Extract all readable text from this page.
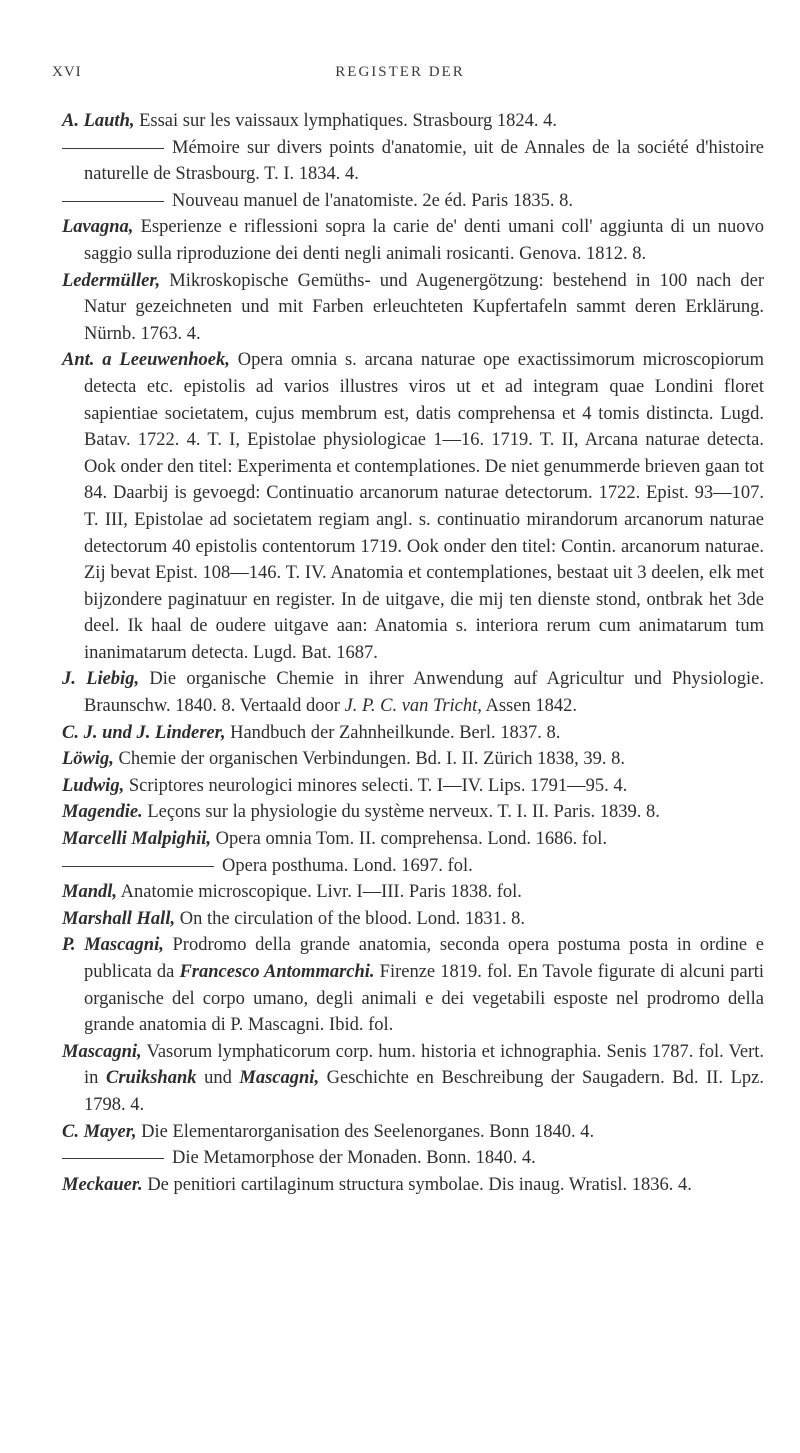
XVI	REGISTER DER

A. Lauth, Essai sur les vaissaux lymphatiques. Strasbourg 1824. 4.

Mémoire sur divers points d'anatomie, uit de Annales de la société d'histoire naturelle de Strasbourg. T. I. 1834. 4.

Nouveau manuel de l'anatomiste. 2e éd. Paris 1835. 8.

Lavagna, Esperienze e riflessioni sopra la carie de' denti umani coll' aggiunta di un nuovo saggio sulla riproduzione dei denti negli animali rosicanti. Genova. 1812. 8.

Ledermüller, Mikroskopische Gemüths- und Augenergötzung: bestehend in 100 nach der Natur gezeichneten und mit Farben erleuchteten Kupfertafeln sammt deren Erklärung. Nürnb. 1763. 4.

Ant. a Leeuwenhoek, Opera omnia s. arcana naturae ope exactissimorum microscopiorum detecta etc. epistolis ad varios illustres viros ut et ad integram quae Londini floret sapientiae societatem, cujus membrum est, datis comprehensa et 4 tomis distincta. Lugd. Batav. 1722. 4. T. I, Epistolae physiologicae 1—16. 1719. T. II, Arcana naturae detecta. Ook onder den titel: Experimenta et contemplationes. De niet genummerde brieven gaan tot 84. Daarbij is gevoegd: Continuatio arcanorum naturae detectorum. 1722. Epist. 93—107. T. III, Epistolae ad societatem regiam angl. s. continuatio mirandorum arcanorum naturae detectorum 40 epistolis contentorum 1719. Ook onder den titel: Contin. arcanorum naturae. Zij bevat Epist. 108—146. T. IV. Anatomia et contemplationes, bestaat uit 3 deelen, elk met bijzondere paginatuur en register. In de uitgave, die mij ten dienste stond, ontbrak het 3de deel. Ik haal de oudere uitgave aan: Anatomia s. interiora rerum cum animatarum tum inanimatarum detecta. Lugd. Bat. 1687.

J. Liebig, Die organische Chemie in ihrer Anwendung auf Agricultur und Physiologie. Braunschw. 1840. 8. Vertaald door J. P. C. van Tricht, Assen 1842.

C. J. und J. Linderer, Handbuch der Zahnheilkunde. Berl. 1837. 8.

Löwig, Chemie der organischen Verbindungen. Bd. I. II. Zürich 1838, 39. 8.

Ludwig, Scriptores neurologici minores selecti. T. I—IV. Lips. 1791—95. 4.

Magendie. Leçons sur la physiologie du système nerveux. T. I. II. Paris. 1839. 8.

Marcelli Malpighii, Opera omnia Tom. II. comprehensa. Lond. 1686. fol.

Opera posthuma. Lond. 1697. fol.

Mandl, Anatomie microscopique. Livr. I—III. Paris 1838. fol.

Marshall Hall, On the circulation of the blood. Lond. 1831. 8.

P. Mascagni, Prodromo della grande anatomia, seconda opera postuma posta in ordine e publicata da Francesco Antommarchi. Firenze 1819. fol. En Tavole figurate di alcuni parti organische del corpo umano, degli animali e dei vegetabili esposte nel prodromo della grande anatomia di P. Mascagni. Ibid. fol.

Mascagni, Vasorum lymphaticorum corp. hum. historia et ichnographia. Senis 1787. fol. Vert. in Cruikshank und Mascagni, Geschichte en Beschreibung der Saugadern. Bd. II. Lpz. 1798. 4.

C. Mayer, Die Elementarorganisation des Seelenorganes. Bonn 1840. 4.

Die Metamorphose der Monaden. Bonn. 1840. 4.

Meckauer. De penitiori cartilaginum structura symbolae. Dis inaug. Wratisl. 1836. 4.
